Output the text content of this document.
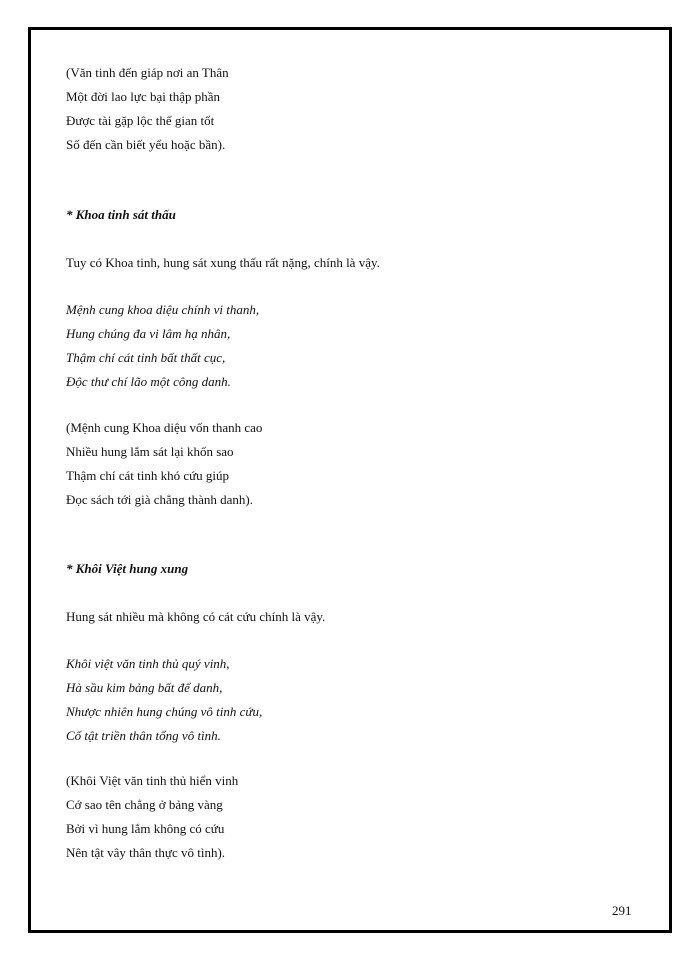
(Văn tinh đến giáp nơi an Thân
Một đời lao lực bại thập phần
Được tài gặp lộc thế gian tốt
Số đến cần biết yểu hoặc bần).
* Khoa tinh sát thấu
Tuy có Khoa tinh, hung sát xung thấu rất nặng, chính là vậy.
Mệnh cung khoa diệu chính vi thanh,
Hung chúng đa vi lâm hạ nhân,
Thậm chí cát tinh bất thất cục,
Độc thư chí lão một công danh.
(Mệnh cung Khoa diệu vốn thanh cao
Nhiều hung lắm sát lại khốn sao
Thậm chí cát tinh khó cứu giúp
Đọc sách tới già chẳng thành danh).
* Khôi Việt hung xung
Hung sát nhiều mà không có cát cứu chính là vậy.
Khôi việt văn tinh thủ quý vinh,
Hà sầu kim bảng bất để danh,
Nhược nhiên hung chúng vô tinh cứu,
Cố tật triền thân tổng vô tình.
(Khôi Việt văn tinh thủ hiển vinh
Cớ sao tên chẳng ở bảng vàng
Bởi vì hung lắm không có cứu
Nên tật vây thân thực vô tình).
291
